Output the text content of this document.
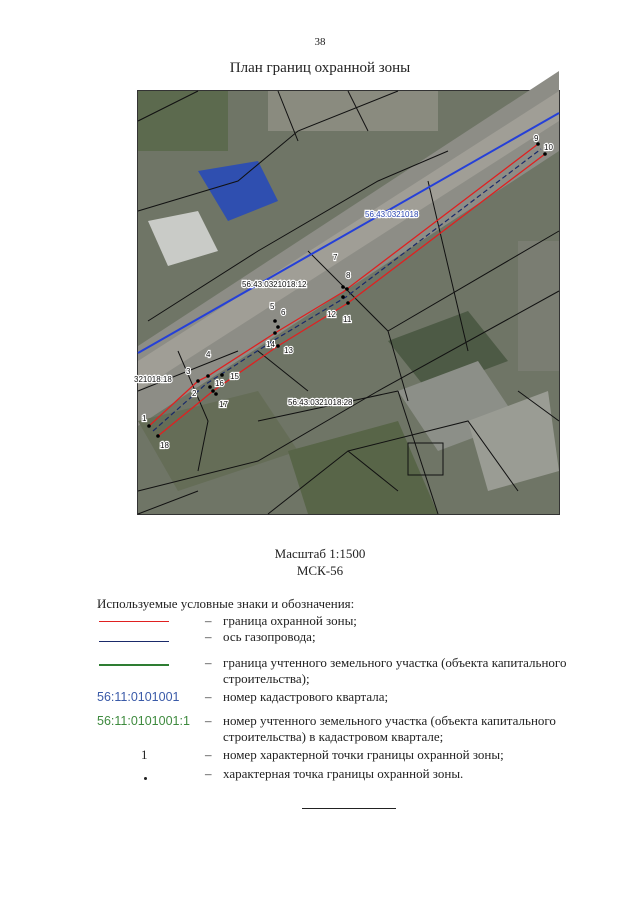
38
План границ охранной зоны
1
2
3
4
5
6
7
8
9
10
11
12
13
14
15
16
17
18
56:43:0321018
56:43:0321018:12
56:43:0321018:28
321018:18
Масштаб 1:1500
МСК-56
Используемые условные знаки и обозначения:
– граница охранной зоны;
– ось газопровода;
– граница учтенного земельного участка (объекта капитального строительства);
56:11:0101001 – номер кадастрового квартала;
56:11:0101001:1 – номер учтенного земельного участка (объекта капитального строительства) в кадастровом квартале;
1	– номер характерной точки границы охранной зоны;
– характерная точка границы охранной зоны.
